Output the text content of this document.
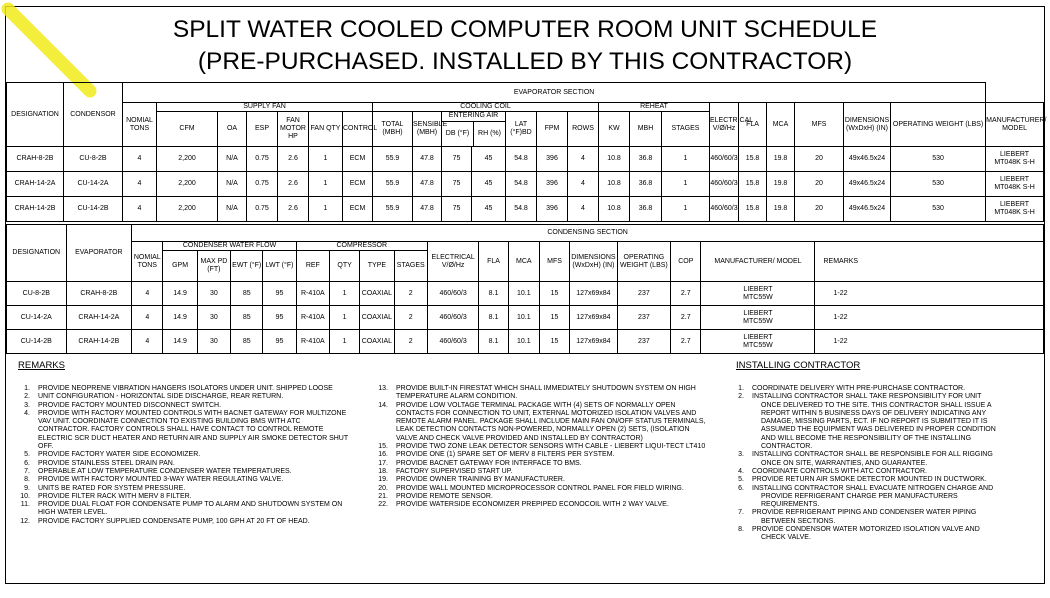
SPLIT WATER COOLED COMPUTER ROOM UNIT SCHEDULE
(PRE-PURCHASED. INSTALLED BY THIS CONTRACTOR)
DESIGNATION	CONDENSOR	EVAPORATOR SECTION
NOMIAL TONS	SUPPLY FAN	COOLING COIL	REHEAT	ELECTRICAL V/Ø/Hz	FLA	MCA	MFS	DIMENSIONS (WxDxH) (IN)	OPERATING WEIGHT (LBS)	MANUFACTURER/ MODEL
CFM	OA	ESP	FAN MOTOR HP	FAN QTY	CONTROL	TOTAL (MBH)	SENSIBLE (MBH)	
ENTERING AIR
DB (°F)	RH (%)
	LAT (°F)BD	FPM	ROWS	KW	MBH	STAGES
CRAH-8-2B	CU-8-2B	4	2,200	N/A	0.75	2.6	1	ECM	55.9	47.8	75	45	54.8	396	4	10.8	36.8	1	460/60/3	15.8	19.8	20	49x46.5x24	530	
LIEBERT
MT048K S-H

CRAH-14-2A	CU-14-2A	4	2,200	N/A	0.75	2.6	1	ECM	55.9	47.8	75	45	54.8	396	4	10.8	36.8	1	460/60/3	15.8	19.8	20	49x46.5x24	530	
LIEBERT
MT048K S-H

CRAH-14-2B	CU-14-2B	4	2,200	N/A	0.75	2.6	1	ECM	55.9	47.8	75	45	54.8	396	4	10.8	36.8	1	460/60/3	15.8	19.8	20	49x46.5x24	530	
LIEBERT
MT048K S-H
DESIGNATION	EVAPORATOR	CONDENSING SECTION																	
		NOMIAL TONS	CONDENSER WATER FLOW				COMPRESSOR				ELECTRICAL V/Ø/Hz	FLA	MCA	MFS	DIMENSIONS (WxDxH) (IN)	OPERATING WEIGHT (LBS)	COP	MANUFACTURER/ MODEL	REMARKS
			GPM	MAX PD (FT)	EWT (°F)	LWT (°F)	REF	QTY	TYPE	STAGES									
CU-8-2B	CRAH-8-2B	4	14.9	30	85	95	R-410A	1	COAXIAL	2	460/60/3	8.1	10.1	15	127x69x84	237	2.7	LIEBERT
MTC55W	1-22
CU-14-2A	CRAH-14-2A	4	14.9	30	85	95	R-410A	1	COAXIAL	2	460/60/3	8.1	10.1	15	127x69x84	237	2.7	LIEBERT
MTC55W	1-22
CU-14-2B	CRAH-14-2B	4	14.9	30	85	95	R-410A	1	COAXIAL	2	460/60/3	8.1	10.1	15	127x69x84	237	2.7	LIEBERT
MTC55W	1-22
REMARKS
1. PROVIDE NEOPRENE VIBRATION HANGERS ISOLATORS UNDER UNIT. SHIPPED LOOSE
2. UNIT CONFIGURATION - HORIZONTAL SIDE DISCHARGE, REAR RETURN.
3. PROVIDE FACTORY MOUNTED DISCONNECT SWITCH.
4. PROVIDE WITH FACTORY MOUNTED CONTROLS WITH BACNET GATEWAY FOR MULTIZONE
VAV UNIT. COORDINATE CONNECTION TO EXISTING BUILDING BMS WITH ATC
CONTRACTOR. FACTORY CONTROLS SHALL HAVE CONTACT TO CONTROL REMOTE
ELECTRIC SCR DUCT HEATER AND RETURN AIR AND SUPPLY AIR SMOKE DETECTOR SHUT
OFF.
5. PROVIDE FACTORY WATER SIDE ECONOMIZER.
6. PROVIDE STAINLESS STEEL DRAIN PAN.
7. OPERABLE AT LOW TEMPERATURE CONDENSER WATER TEMPERATURES.
8. PROVIDE WITH FACTORY MOUNTED 3-WAY WATER REGULATING VALVE.
9. UNITS BE RATED FOR SYSTEM PRESSURE.
10. PROVIDE FILTER RACK WITH MERV 8 FILTER.
11. PROVIDE DUAL FLOAT FOR CONDENSATE PUMP TO ALARM AND SHUTDOWN SYSTEM ON
HIGH WATER LEVEL.
12. PROVIDE FACTORY SUPPLIED CONDENSATE PUMP, 100 GPH AT 20 FT OF HEAD.
13. PROVIDE BUILT-IN FIRESTAT WHICH SHALL IMMEDIATELY SHUTDOWN SYSTEM ON HIGH
TEMPERATURE ALARM CONDITION.
14. PROVIDE LOW VOLTAGE TERMINAL PACKAGE WITH (4) SETS OF NORMALLY OPEN
CONTACTS FOR CONNECTION TO UNIT, EXTERNAL MOTORIZED ISOLATION VALVES AND
REMOTE ALARM PANEL. PACKAGE SHALL INCLUDE MAIN FAN ON/OFF STATUS TERMINALS,
LEAK DETECTION CONTACTS NON-POWERED, NORMALLY OPEN (2) SETS, (ISOLATION
VALVE AND CHECK VALVE PROVIDED AND INSTALLED BY CONTRACTOR)
15. PROVIDE TWO ZONE LEAK DETECTOR SENSORS WITH CABLE - LIEBERT LIQUI-TECT LT410
16. PROVIDE ONE (1) SPARE SET OF MERV 8 FILTERS PER SYSTEM.
17. PROVIDE BACNET GATEWAY FOR INTERFACE TO BMS.
18. FACTORY SUPERVISED START UP.
19. PROVIDE OWNER TRAINING BY MANUFACTURER.
20. PROVIDE WALL MOUNTED MICROPROCESSOR CONTROL PANEL FOR FIELD WIRING.
21. PROVIDE REMOTE SENSOR.
22. PROVIDE WATERSIDE ECONOMIZER PREPIPED ECONOCOIL WITH 2 WAY VALVE.
INSTALLING CONTRACTOR
1. COORDINATE DELIVERY WITH PRE-PURCHASE CONTRACTOR.
2. INSTALLING CONTRACTOR SHALL TAKE RESPONSIBILITY FOR UNIT
ONCE DELIVERED TO THE SITE. THIS CONTRACTOR SHALL ISSUE A
REPORT WITHIN 5 BUSINESS DAYS OF DELIVERY INDICATING ANY
DAMAGE, MISSING PARTS, ECT. IF NO REPORT IS SUBMITTED IT IS
ASSUMED THE EQUIPMENT WAS DELIVERED IN PROPER CONDITION
AND WILL BECOME THE RESPONSIBILITY OF THE INSTALLING
CONTRACTOR.
3. INSTALLING CONTRACTOR SHALL BE RESPONSIBLE FOR ALL RIGGING
ONCE ON SITE, WARRANTIES, AND GUARANTEE.
4. COORDINATE CONTROLS WITH ATC CONTRACTOR.
5. PROVIDE RETURN AIR SMOKE DETECTOR MOUNTED IN DUCTWORK.
6. INSTALLING CONTRACTOR SHALL EVACUATE NITROGEN CHARGE AND
PROVIDE REFRIGERANT CHARGE PER MANUFACTURERS
REQUIREMENTS.
7. PROVIDE REFRIGERANT PIPING AND CONDENSER WATER PIPING
BETWEEN SECTIONS.
8. PROVIDE CONDENSOR WATER MOTORIZED ISOLATION VALVE AND
CHECK VALVE.
